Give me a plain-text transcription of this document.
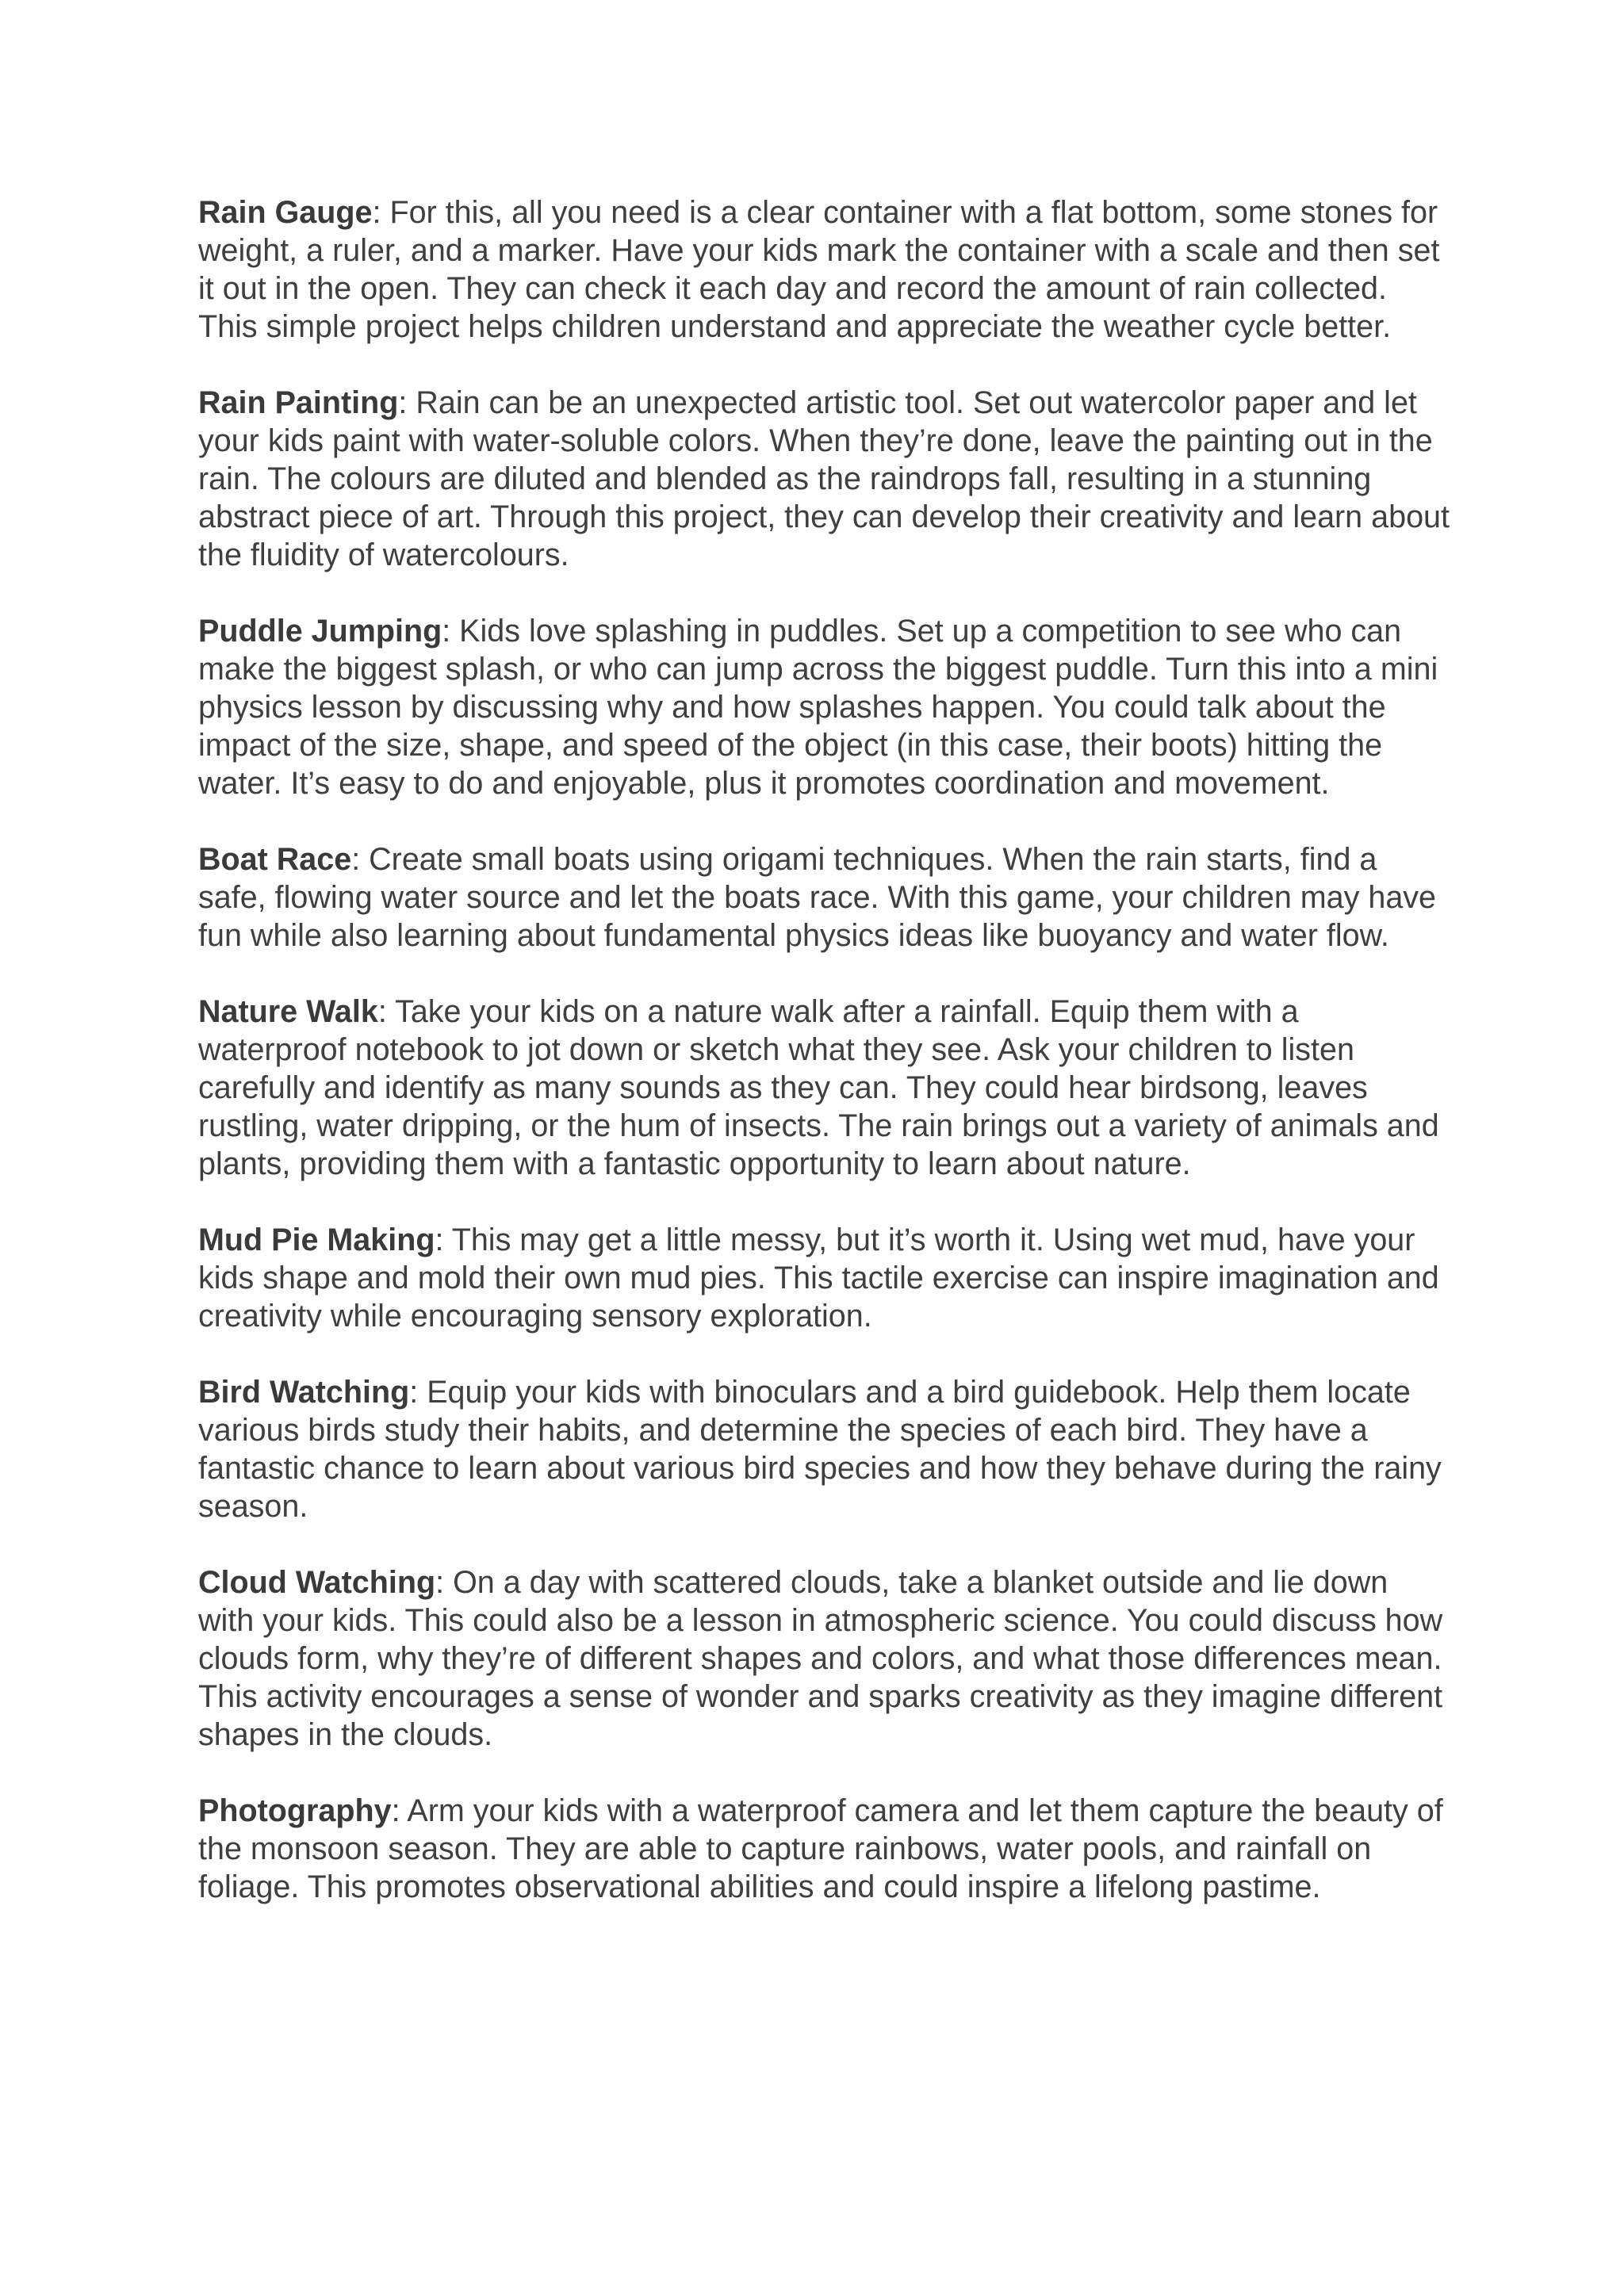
Rain Gauge: For this, all you need is a clear container with a flat bottom, some stones for weight, a ruler, and a marker. Have your kids mark the container with a scale and then set it out in the open. They can check it each day and record the amount of rain collected. This simple project helps children understand and appreciate the weather cycle better.

Rain Painting: Rain can be an unexpected artistic tool. Set out watercolor paper and let your kids paint with water-soluble colors. When they’re done, leave the painting out in the rain. The colours are diluted and blended as the raindrops fall, resulting in a stunning abstract piece of art. Through this project, they can develop their creativity and learn about the fluidity of watercolours.

Puddle Jumping: Kids love splashing in puddles. Set up a competition to see who can make the biggest splash, or who can jump across the biggest puddle. Turn this into a mini physics lesson by discussing why and how splashes happen. You could talk about the impact of the size, shape, and speed of the object (in this case, their boots) hitting the water. It’s easy to do and enjoyable, plus it promotes coordination and movement.

Boat Race: Create small boats using origami techniques. When the rain starts, find a safe, flowing water source and let the boats race. With this game, your children may have fun while also learning about fundamental physics ideas like buoyancy and water flow.

Nature Walk: Take your kids on a nature walk after a rainfall. Equip them with a waterproof notebook to jot down or sketch what they see. Ask your children to listen carefully and identify as many sounds as they can. They could hear birdsong, leaves rustling, water dripping, or the hum of insects. The rain brings out a variety of animals and plants, providing them with a fantastic opportunity to learn about nature.

Mud Pie Making: This may get a little messy, but it’s worth it. Using wet mud, have your kids shape and mold their own mud pies. This tactile exercise can inspire imagination and creativity while encouraging sensory exploration.

Bird Watching: Equip your kids with binoculars and a bird guidebook. Help them locate various birds study their habits, and determine the species of each bird. They have a fantastic chance to learn about various bird species and how they behave during the rainy season.

Cloud Watching: On a day with scattered clouds, take a blanket outside and lie down with your kids. This could also be a lesson in atmospheric science. You could discuss how clouds form, why they’re of different shapes and colors, and what those differences mean. This activity encourages a sense of wonder and sparks creativity as they imagine different shapes in the clouds.

Photography: Arm your kids with a waterproof camera and let them capture the beauty of the monsoon season. They are able to capture rainbows, water pools, and rainfall on foliage. This promotes observational abilities and could inspire a lifelong pastime.
